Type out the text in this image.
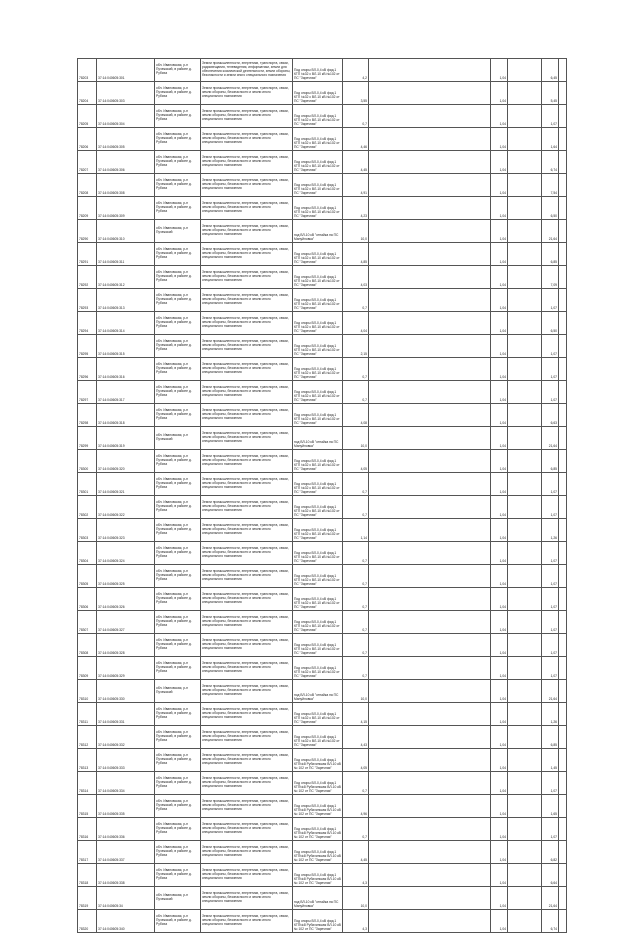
78203	37:14:040605:301	обл. Ивановская, р-н Пучежский, в районе д. Рубиха	Земли промышленности, энергетики, транспорта, связи, радиовещания, телевидения, информатики, земли для обеспечения космической деятельности, земли обороны, безопасности и земли иного специального назначения	Под опоры ВЛ-0,4 кВ фид.1 КТП №32 с ВЛ-10 кВ №102 от ПС "Заречная"	4,2								1,04			6,45	
78204	37:14:040605:303	обл. Ивановская, р-н Пучежский, в районе д. Рубиха	Земли промышленности, энергетики, транспорта, связи, земли обороны, безопасности и земли иного специального назначения	Под опоры ВЛ-0,4 кВ фид.1 КТП №32 с ВЛ-10 кВ №102 от ПС "Заречная"	3,55								1,04			5,45	
78205	37:14:040605:304	обл. Ивановская, р-н Пучежский, в районе д. Рубиха	Земли промышленности, энергетики, транспорта, связи, земли обороны, безопасности и земли иного специального назначения	Под опоры ВЛ-0,4 кВ фид.1 КТП №32 с ВЛ-10 кВ №102 от ПС "Заречная"	0,7								1,04			1,07	
78206	37:14:040605:305	обл. Ивановская, р-н Пучежский, в районе д. Рубиха	Земли промышленности, энергетики, транспорта, связи, земли обороны, безопасности и земли иного специального назначения	Под опоры ВЛ-0,4 кВ фид.1 КТП №32 с ВЛ-10 кВ №102 от ПС "Заречная"	4,46								1,04			1,64	
78207	37:14:040605:306	обл. Ивановская, р-н Пучежский, в районе д. Рубиха	Земли промышленности, энергетики, транспорта, связи, земли обороны, безопасности и земли иного специального назначения	Под опоры ВЛ-0,4 кВ фид.1 КТП №32 с ВЛ-10 кВ №102 от ПС "Заречная"	4,45								1,04			6,74	
78208	37:14:040605:308	обл. Ивановская, р-н Пучежский, в районе д. Рубиха	Земли промышленности, энергетики, транспорта, связи, земли обороны, безопасности и земли иного специального назначения	Под опоры ВЛ-0,4 кВ фид.1 КТП №32 с ВЛ-10 кВ №102 от ПС "Заречная"	4,91								1,04			7,54	
78209	37:14:040605:309	обл. Ивановская, р-н Пучежский, в районе д. Рубиха	Земли промышленности, энергетики, транспорта, связи, земли обороны, безопасности и земли иного специального назначения	Под опоры ВЛ-0,4 кВ фид.1 КТП №32 с ВЛ-10 кВ №102 от ПС "Заречная"	4,23								1,04			6,50	
78290	37:14:040605:310	обл. Ивановская, р-н Пучежский	Земли промышленности, энергетики, транспорта, связи, земли обороны, безопасности и земли иного специального назначения	под ВЛ-10 кВ "отпайка на ПС Мануйловка"	10,0								1,04			21,64	
78291	37:14:040605:311	обл. Ивановская, р-н Пучежский, в районе д. Рубиха	Земли промышленности, энергетики, транспорта, связи, земли обороны, безопасности и земли иного специального назначения	Под опоры ВЛ-0,4 кВ фид.1 КТП №32 с ВЛ-10 кВ №102 от ПС "Заречная"	4,85								1,04			6,85	
78292	37:14:040605:312	обл. Ивановская, р-н Пучежский, в районе д. Рубиха	Земли промышленности, энергетики, транспорта, связи, земли обороны, безопасности и земли иного специального назначения	Под опоры ВЛ-0,4 кВ фид.1 КТП №32 с ВЛ-10 кВ №102 от ПС "Заречная"	4,03								1,04			7,09	
78293	37:14:040605:313	обл. Ивановская, р-н Пучежский, в районе д. Рубиха	Земли промышленности, энергетики, транспорта, связи, земли обороны, безопасности и земли иного специального назначения	Под опоры ВЛ-0,4 кВ фид.1 КТП №32 с ВЛ-10 кВ №102 от ПС "Заречная"	0,7								1,04			1,07	
78294	37:14:040605:314	обл. Ивановская, р-н Пучежский, в районе д. Рубиха	Земли промышленности, энергетики, транспорта, связи, земли обороны, безопасности и земли иного специального назначения	Под опоры ВЛ-0,4 кВ фид.1 КТП №32 с ВЛ-10 кВ №102 от ПС "Заречная"	4,04								1,04			6,50	
78295	37:14:040605:315	обл. Ивановская, р-н Пучежский, в районе д. Рубиха	Земли промышленности, энергетики, транспорта, связи, земли обороны, безопасности и земли иного специального назначения	Под опоры ВЛ-0,4 кВ фид.1 КТП №32 с ВЛ-10 кВ №102 от ПС "Заречная"	2,15								1,04			1,07	
78296	37:14:040605:316	обл. Ивановская, р-н Пучежский, в районе д. Рубиха	Земли промышленности, энергетики, транспорта, связи, земли обороны, безопасности и земли иного специального назначения	Под опоры ВЛ-0,4 кВ фид.1 КТП №32 с ВЛ-10 кВ №102 от ПС "Заречная"	0,7								1,04			1,07	
78297	37:14:040605:317	обл. Ивановская, р-н Пучежский, в районе д. Рубиха	Земли промышленности, энергетики, транспорта, связи, земли обороны, безопасности и земли иного специального назначения	Под опоры ВЛ-0,4 кВ фид.1 КТП №32 с ВЛ-10 кВ №102 от ПС "Заречная"	0,7								1,04			1,07	
78298	37:14:040605:318	обл. Ивановская, р-н Пучежский, в районе д. Рубиха	Земли промышленности, энергетики, транспорта, связи, земли обороны, безопасности и земли иного специального назначения	Под опоры ВЛ-0,4 кВ фид.1 КТП №32 с ВЛ-10 кВ №102 от ПС "Заречная"	4,08								1,04			6,63	
78299	37:14:040605:319	обл. Ивановская, р-н Пучежский	Земли промышленности, энергетики, транспорта, связи, земли обороны, безопасности и земли иного специального назначения	под ВЛ-10 кВ "отпайка на ПС Мануйловка"	10,0								1,04			21,64	
78300	37:14:040605:320	обл. Ивановская, р-н Пучежский, в районе д. Рубиха	Земли промышленности, энергетики, транспорта, связи, земли обороны, безопасности и земли иного специального назначения	Под опоры ВЛ-0,4 кВ фид.1 КТП №32 с ВЛ-10 кВ №102 от ПС "Заречная"	4,05								1,04			6,85	
78301	37:14:040605:321	обл. Ивановская, р-н Пучежский, в районе д. Рубиха	Земли промышленности, энергетики, транспорта, связи, земли обороны, безопасности и земли иного специального назначения	Под опоры ВЛ-0,4 кВ фид.1 КТП №32 с ВЛ-10 кВ №102 от ПС "Заречная"	0,7								1,04			1,07	
78302	37:14:040605:322	обл. Ивановская, р-н Пучежский, в районе д. Рубиха	Земли промышленности, энергетики, транспорта, связи, земли обороны, безопасности и земли иного специального назначения	Под опоры ВЛ-0,4 кВ фид.1 КТП №32 с ВЛ-10 кВ №102 от ПС "Заречная"	0,7								1,04			1,07	
78303	37:14:040605:323	обл. Ивановская, р-н Пучежский, в районе д. Рубиха	Земли промышленности, энергетики, транспорта, связи, земли обороны, безопасности и земли иного специального назначения	Под опоры ВЛ-0,4 кВ фид.1 КТП №32 с ВЛ-10 кВ №102 от ПС "Заречная"	1,14								1,04			1,26	
78304	37:14:040605:324	обл. Ивановская, р-н Пучежский, в районе д. Рубиха	Земли промышленности, энергетики, транспорта, связи, земли обороны, безопасности и земли иного специального назначения	Под опоры ВЛ-0,4 кВ фид.1 КТП №32 с ВЛ-10 кВ №102 от ПС "Заречная"	0,7								1,04			1,07	
78305	37:14:040605:325	обл. Ивановская, р-н Пучежский, в районе д. Рубиха	Земли промышленности, энергетики, транспорта, связи, земли обороны, безопасности и земли иного специального назначения	Под опоры ВЛ-0,4 кВ фид.1 КТП №32 с ВЛ-10 кВ №102 от ПС "Заречная"	0,7								1,04			1,07	
78306	37:14:040605:326	обл. Ивановская, р-н Пучежский, в районе д. Рубиха	Земли промышленности, энергетики, транспорта, связи, земли обороны, безопасности и земли иного специального назначения	Под опоры ВЛ-0,4 кВ фид.1 КТП №32 с ВЛ-10 кВ №102 от ПС "Заречная"	0,7								1,04			1,07	
78307	37:14:040605:327	обл. Ивановская, р-н Пучежский, в районе д. Рубиха	Земли промышленности, энергетики, транспорта, связи, земли обороны, безопасности и земли иного специального назначения	Под опоры ВЛ-0,4 кВ фид.1 КТП №32 с ВЛ-10 кВ №102 от ПС "Заречная"	0,7								1,04			1,07	
78308	37:14:040605:328	обл. Ивановская, р-н Пучежский, в районе д. Рубиха	Земли промышленности, энергетики, транспорта, связи, земли обороны, безопасности и земли иного специального назначения	Под опоры ВЛ-0,4 кВ фид.1 КТП №32 с ВЛ-10 кВ №102 от ПС "Заречная"	0,7								1,04			1,07	
78309	37:14:040605:329	обл. Ивановская, р-н Пучежский, в районе д. Рубиха	Земли промышленности, энергетики, транспорта, связи, земли обороны, безопасности и земли иного специального назначения	Под опоры ВЛ-0,4 кВ фид.1 КТП №32 с ВЛ-10 кВ №102 от ПС "Заречная"	0,7								1,04			1,07	
78310	37:14:040605:330	обл. Ивановская, р-н Пучежский	Земли промышленности, энергетики, транспорта, связи, земли обороны, безопасности и земли иного специального назначения	под ВЛ-10 кВ "отпайка на ПС Мануйловка"	10,0								1,04			21,64	
78311	37:14:040605:331	обл. Ивановская, р-н Пучежский, в районе д. Рубиха	Земли промышленности, энергетики, транспорта, связи, земли обороны, безопасности и земли иного специального назначения	Под опоры ВЛ-0,4 кВ фид.1 КТП №32 с ВЛ-10 кВ №102 от ПС "Заречная"	4,15								1,04			1,26	
78312	37:14:040605:332	обл. Ивановская, р-н Пучежский, в районе д. Рубиха	Земли промышленности, энергетики, транспорта, связи, земли обороны, безопасности и земли иного специального назначения	Под опоры ВЛ-0,4 кВ фид.1 КТП №32 с ВЛ-10 кВ №102 от ПС "Заречная"	4,43								1,04			6,85	
78313	37:14:040605:333	обл. Ивановская, р-н Пучежский, в районе д. Рубиха	Земли промышленности, энергетики, транспорта, связи, земли обороны, безопасности и земли иного специального назначения	Под опоры ВЛ-0,4 кВ фид.1 КТП№8 Рубихинская ВЛ-10 кВ № 102 от ПС "Заречная"	4,05								1,04			1,45	
78314	37:14:040605:334	обл. Ивановская, р-н Пучежский, в районе д. Рубиха	Земли промышленности, энергетики, транспорта, связи, земли обороны, безопасности и земли иного специального назначения	Под опоры ВЛ-0,4 кВ фид.1 КТП№8 Рубихинская ВЛ-10 кВ № 102 от ПС "Заречная"	0,7								1,04			1,07	
78315	37:14:040605:335	обл. Ивановская, р-н Пучежский, в районе д. Рубиха	Земли промышленности, энергетики, транспорта, связи, земли обороны, безопасности и земли иного специального назначения	Под опоры ВЛ-0,4 кВ фид.1 КТП№8 Рубихинская ВЛ-10 кВ № 102 от ПС "Заречная"	4,96								1,04			1,65	
78316	37:14:040605:336	обл. Ивановская, р-н Пучежский, в районе д. Рубиха	Земли промышленности, энергетики, транспорта, связи, земли обороны, безопасности и земли иного специального назначения	Под опоры ВЛ-0,4 кВ фид.1 КТП№8 Рубихинская ВЛ-10 кВ № 102 от ПС "Заречная"	0,7								1,04			1,07	
78317	37:14:040605:337	обл. Ивановская, р-н Пучежский, в районе д. Рубиха	Земли промышленности, энергетики, транспорта, связи, земли обороны, безопасности и земли иного специального назначения	Под опоры ВЛ-0,4 кВ фид.1 КТП№8 Рубихинская ВЛ-10 кВ № 102 от ПС "Заречная"	4,45								1,04			6,82	
78318	37:14:040605:338	обл. Ивановская, р-н Пучежский, в районе д. Рубиха	Земли промышленности, энергетики, транспорта, связи, земли обороны, безопасности и земли иного специального назначения	Под опоры ВЛ-0,4 кВ фид.1 КТП№8 Рубихинская ВЛ-10 кВ № 102 от ПС "Заречная"	4,3								1,04			6,64	
78319	37:14:040605:34	обл. Ивановская, р-н Пучежский	Земли промышленности, энергетики, транспорта, связи, земли обороны, безопасности и земли иного специального назначения	под ВЛ-10 кВ "отпайка на ПС Мануйловка"	10,0								1,04			21,64	
78320	37:14:040605:340	обл. Ивановская, р-н Пучежский, в районе д. Рубиха	Земли промышленности, энергетики, транспорта, связи, земли обороны, безопасности и земли иного специального назначения	Под опоры ВЛ-0,4 кВ фид.1 КТП№8 Рубихинская ВЛ-10 кВ № 102 от ПС "Заречная"	4,3								1,04			6,74	
